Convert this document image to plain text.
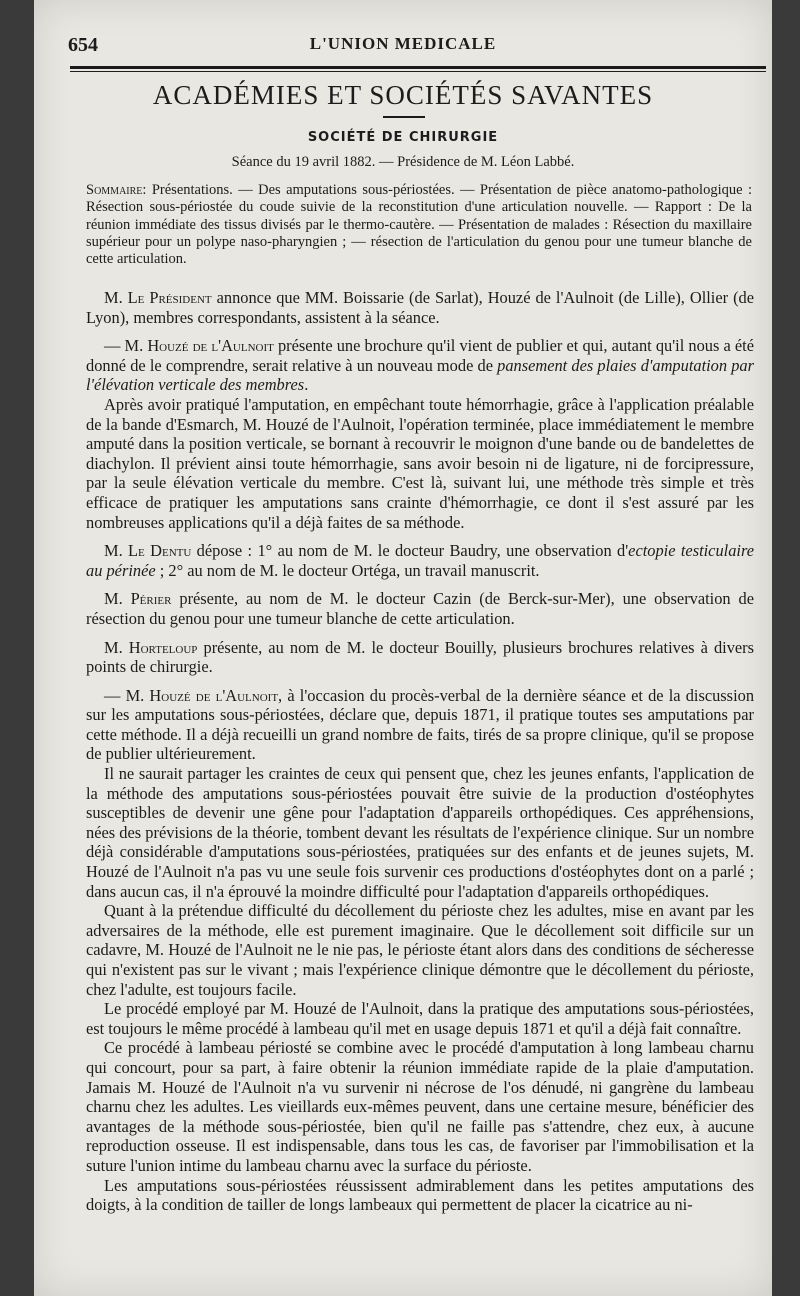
654	L'UNION MEDICALE
ACADÉMIES ET SOCIÉTÉS SAVANTES
SOCIÉTÉ DE CHIRURGIE
Séance du 19 avril 1882. — Présidence de M. Léon Labbé.
Sommaire: Présentations. — Des amputations sous-périostées. — Présentation de pièce anatomo-pathologique : Résection sous-périostée du coude suivie de la reconstitution d'une articulation nouvelle. — Rapport : De la réunion immédiate des tissus divisés par le thermo-cautère. — Présentation de malades : Résection du maxillaire supérieur pour un polype naso-pharyngien ; — résection de l'articulation du genou pour une tumeur blanche de cette articulation.

M. Le Président annonce que MM. Boissarie (de Sarlat), Houzé de l'Aulnoit (de Lille), Ollier (de Lyon), membres correspondants, assistent à la séance.

— M. Houzé de l'Aulnoit présente une brochure qu'il vient de publier et qui, autant qu'il nous a été donné de le comprendre, serait relative à un nouveau mode de pansement des plaies d'amputation par l'élévation verticale des membres.

Après avoir pratiqué l'amputation, en empêchant toute hémorrhagie, grâce à l'application préalable de la bande d'Esmarch, M. Houzé de l'Aulnoit, l'opération terminée, place immédiatement le membre amputé dans la position verticale, se bornant à recouvrir le moignon d'une bande ou de bandelettes de diachylon. Il prévient ainsi toute hémorrhagie, sans avoir besoin ni de ligature, ni de forcipressure, par la seule élévation verticale du membre. C'est là, suivant lui, une méthode très simple et très efficace de pratiquer les amputations sans crainte d'hémorrhagie, ce dont il s'est assuré par les nombreuses applications qu'il a déjà faites de sa méthode.

M. Le Dentu dépose : 1° au nom de M. le docteur Baudry, une observation d'ectopie testiculaire au périnée ; 2° au nom de M. le docteur Ortéga, un travail manuscrit.

M. Périer présente, au nom de M. le docteur Cazin (de Berck-sur-Mer), une observation de résection du genou pour une tumeur blanche de cette articulation.

M. Horteloup présente, au nom de M. le docteur Bouilly, plusieurs brochures relatives à divers points de chirurgie.

— M. Houzé de l'Aulnoit, à l'occasion du procès-verbal de la dernière séance et de la discussion sur les amputations sous-périostées, déclare que, depuis 1871, il pratique toutes ses amputations par cette méthode. Il a déjà recueilli un grand nombre de faits, tirés de sa propre clinique, qu'il se propose de publier ultérieurement.

Il ne saurait partager les craintes de ceux qui pensent que, chez les jeunes enfants, l'application de la méthode des amputations sous-périostées pouvait être suivie de la production d'ostéophytes susceptibles de devenir une gêne pour l'adaptation d'appareils orthopédiques. Ces appréhensions, nées des prévisions de la théorie, tombent devant les résultats de l'expérience clinique. Sur un nombre déjà considérable d'amputations sous-périostées, pratiquées sur des enfants et de jeunes sujets, M. Houzé de l'Aulnoit n'a pas vu une seule fois survenir ces productions d'ostéophytes dont on a parlé ; dans aucun cas, il n'a éprouvé la moindre difficulté pour l'adaptation d'appareils orthopédiques.

Quant à la prétendue difficulté du décollement du périoste chez les adultes, mise en avant par les adversaires de la méthode, elle est purement imaginaire. Que le décollement soit difficile sur un cadavre, M. Houzé de l'Aulnoit ne le nie pas, le périoste étant alors dans des conditions de sécheresse qui n'existent pas sur le vivant ; mais l'expérience clinique démontre que le décollement du périoste, chez l'adulte, est toujours facile.

Le procédé employé par M. Houzé de l'Aulnoit, dans la pratique des amputations sous-périostées, est toujours le même procédé à lambeau qu'il met en usage depuis 1871 et qu'il a déjà fait connaître.

Ce procédé à lambeau périosté se combine avec le procédé d'amputation à long lambeau charnu qui concourt, pour sa part, à faire obtenir la réunion immédiate rapide de la plaie d'amputation. Jamais M. Houzé de l'Aulnoit n'a vu survenir ni nécrose de l'os dénudé, ni gangrène du lambeau charnu chez les adultes. Les vieillards eux-mêmes peuvent, dans une certaine mesure, bénéficier des avantages de la méthode sous-périostée, bien qu'il ne faille pas s'attendre, chez eux, à aucune reproduction osseuse. Il est indispensable, dans tous les cas, de favoriser par l'immobilisation et la suture l'union intime du lambeau charnu avec la surface du périoste.

Les amputations sous-périostées réussissent admirablement dans les petites amputations des doigts, à la condition de tailler de longs lambeaux qui permettent de placer la cicatrice au ni-
